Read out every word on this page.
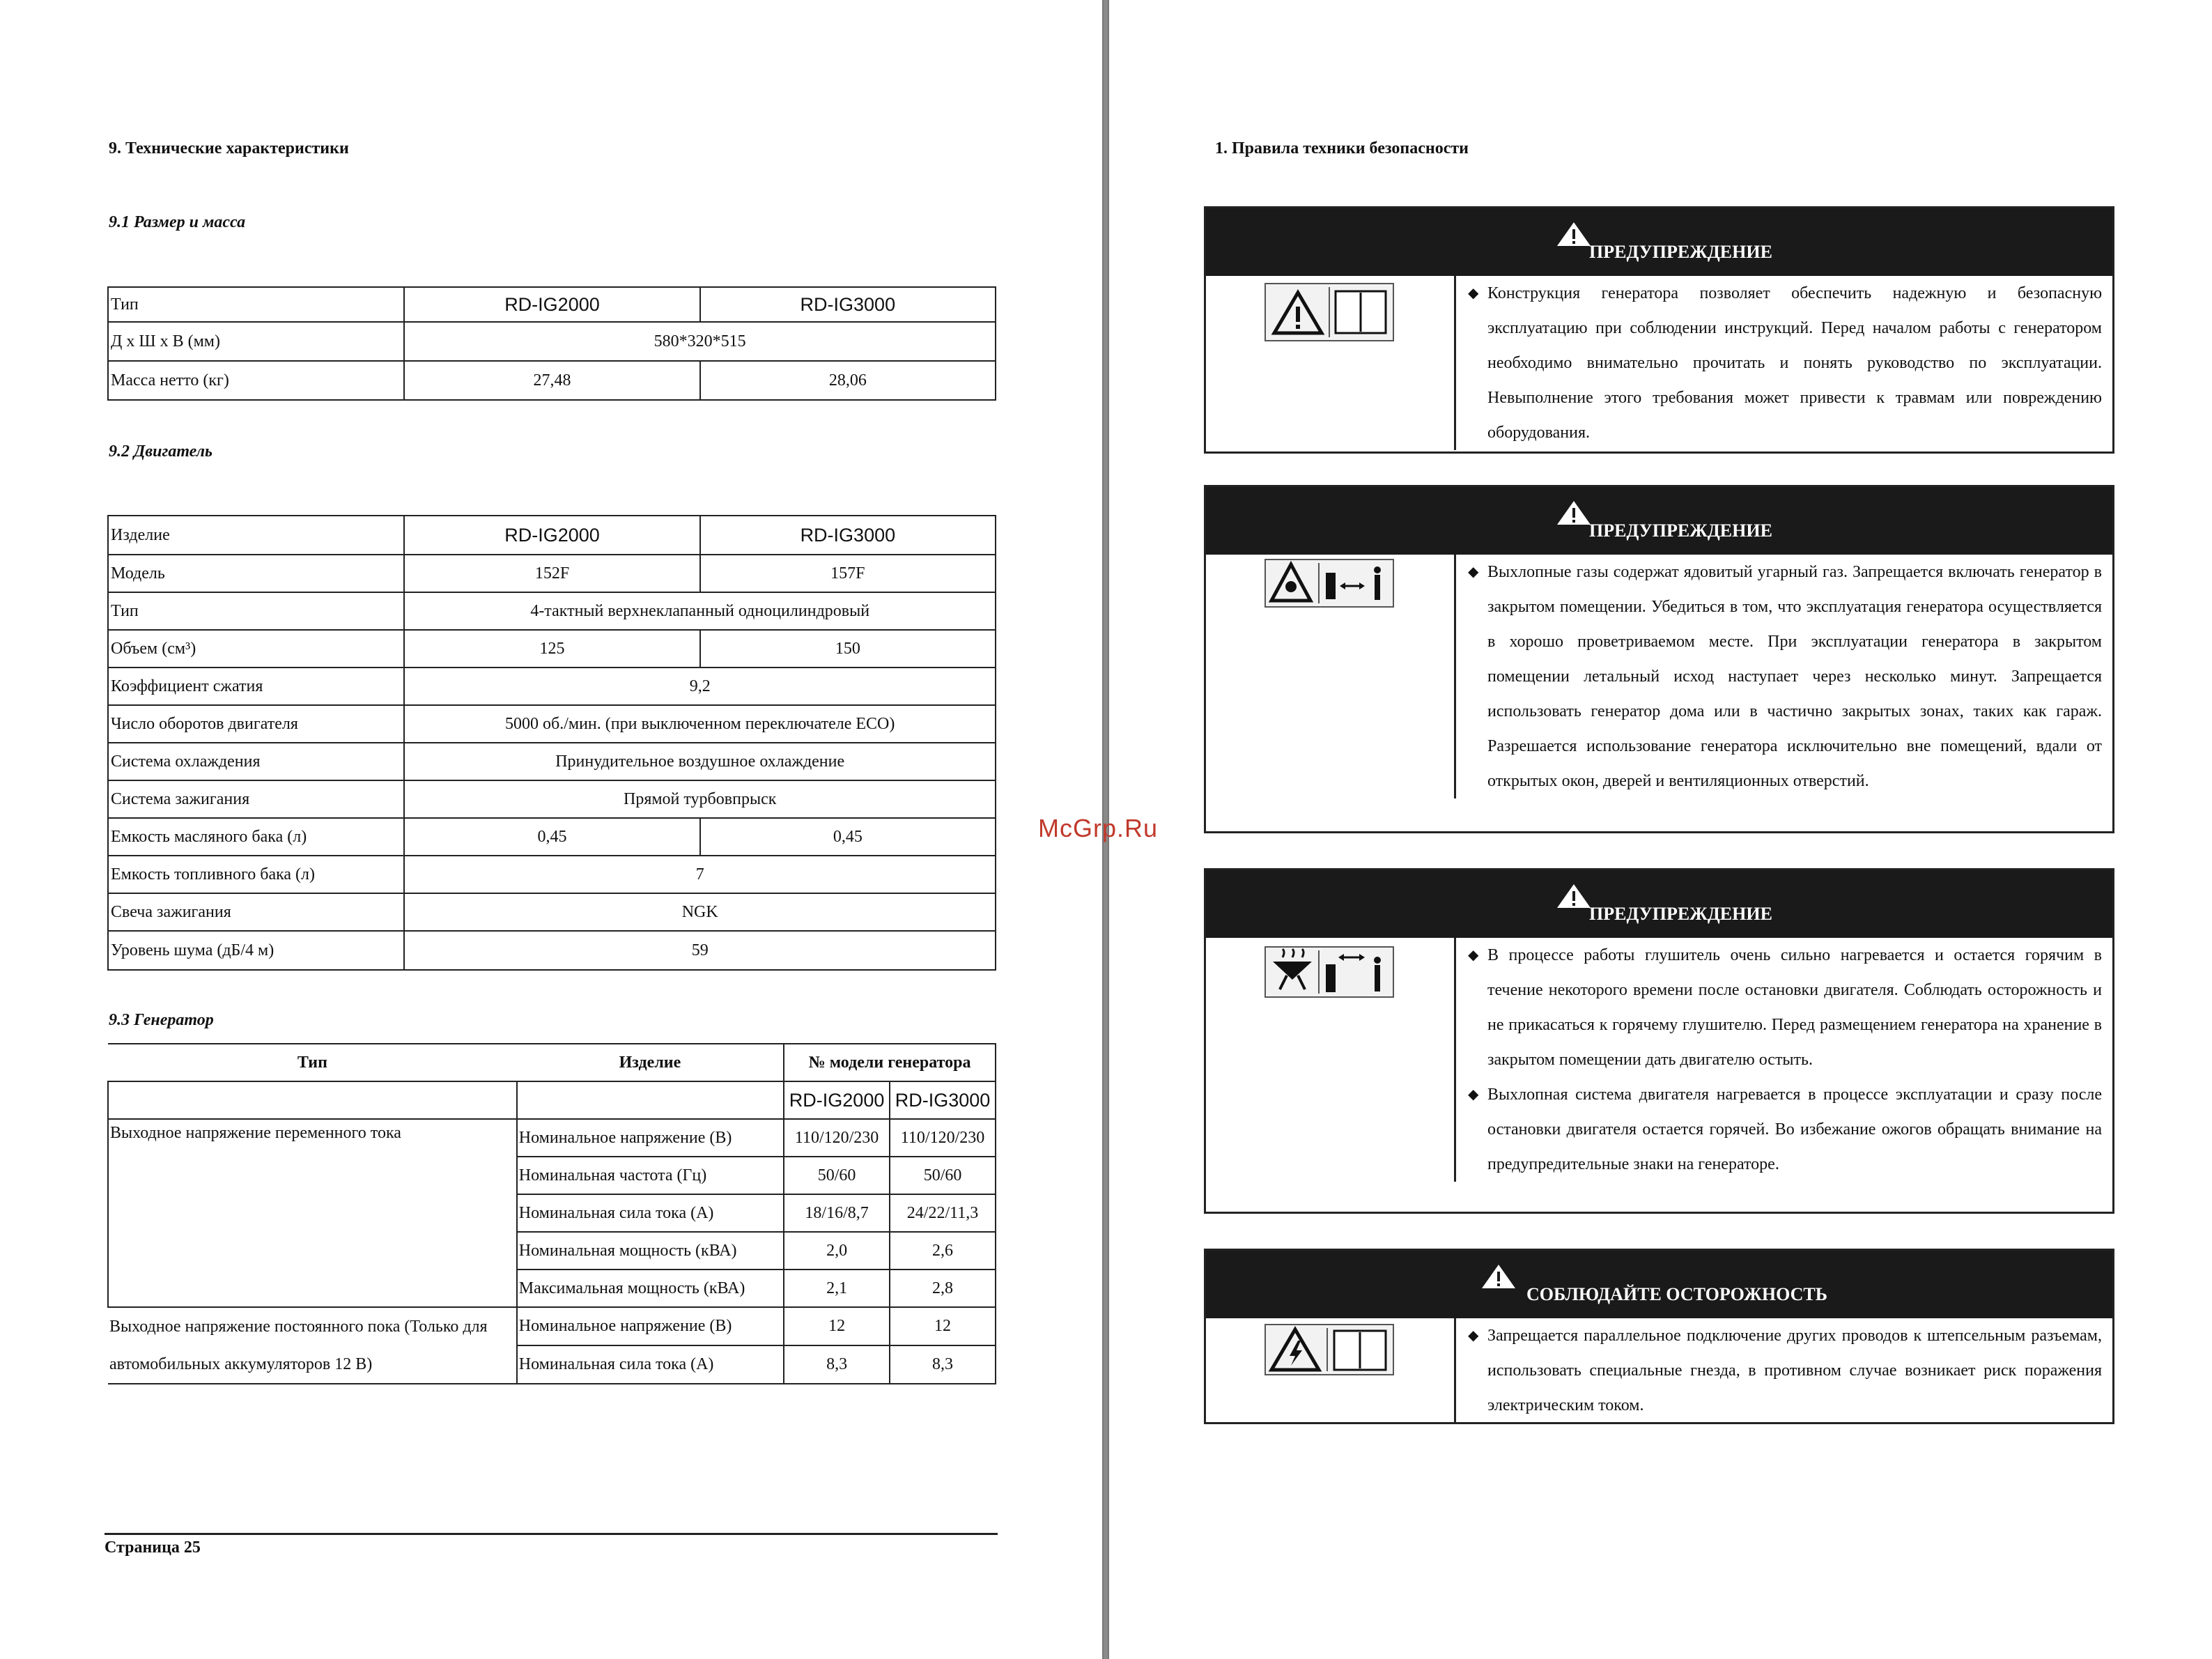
9. Технические характеристики
9.1 Размер и масса
Тип	RD-IG2000	RD-IG3000
Д х Ш х В (мм)	580*320*515	
Масса нетто (кг)	27,48	28,06
9.2 Двигатель
Изделие	RD-IG2000	RD-IG3000
Модель	152F	157F
Тип	4-тактный верхнеклапанный одноцилиндровый	
Объем (см³)	125	150
Коэффициент сжатия	9,2	
Число оборотов двигателя	5000 об./мин. (при выключенном переключателе ECO)	
Система охлаждения	Принудительное воздушное охлаждение	
Система зажигания	Прямой турбовпрыск	
Емкость масляного бака (л)	0,45	0,45
Емкость топливного бака (л)	7	
Свеча зажигания	NGK	
Уровень шума (дБ/4 м)	59	
9.3 Генератор
Тип	Изделие	№ модели генератора	
		RD-IG2000	RD-IG3000
Выходное напряжение переменного тока	Номинальное напряжение (В)	110/120/230	110/120/230
	Номинальная частота (Гц)	50/60	50/60
	Номинальная сила тока (А)	18/16/8,7	24/22/11,3
	Номинальная мощность (кВА)	2,0	2,6
	Максимальная мощность (кВА)	2,1	2,8
Выходное напряжение постоянного пока (Только для автомобильных аккумуляторов 12 В)	Номинальное напряжение (В)	12	12
	Номинальная сила тока (А)	8,3	8,3
Страница 25
1. Правила техники безопасности
ПРЕДУПРЕЖДЕНИЕ
◆ Конструкция генератора позволяет обеспечить надежную и безопасную эксплуатацию при соблюдении инструкций. Перед началом работы с генератором необходимо внимательно прочитать и понять руководство по эксплуатации. Невыполнение этого требования может привести к травмам или повреждению оборудования.
ПРЕДУПРЕЖДЕНИЕ
◆ Выхлопные газы содержат ядовитый угарный газ. Запрещается включать генератор в закрытом помещении. Убедиться в том, что эксплуатация генератора осуществляется в хорошо проветриваемом месте. При эксплуатации генератора в закрытом помещении летальный исход наступает через несколько минут. Запрещается использовать генератор дома или в частично закрытых зонах, таких как гараж. Разрешается использование генератора исключительно вне помещений, вдали от открытых окон, дверей и вентиляционных отверстий.
ПРЕДУПРЕЖДЕНИЕ
◆ В процессе работы глушитель очень сильно нагревается и остается горячим в течение некоторого времени после остановки двигателя. Соблюдать осторожность и не прикасаться к горячему глушителю. Перед размещением генератора на хранение в закрытом помещении дать двигателю остыть.
◆ Выхлопная система двигателя нагревается в процессе эксплуатации и сразу после остановки двигателя остается горячей. Во избежание ожогов обращать внимание на предупредительные знаки на генераторе.
СОБЛЮДАЙТЕ ОСТОРОЖНОСТЬ
◆ Запрещается параллельное подключение других проводов к штепсельным разъемам, использовать специальные гнезда, в противном случае возникает риск поражения электрическим током.
McGrp.Ru
